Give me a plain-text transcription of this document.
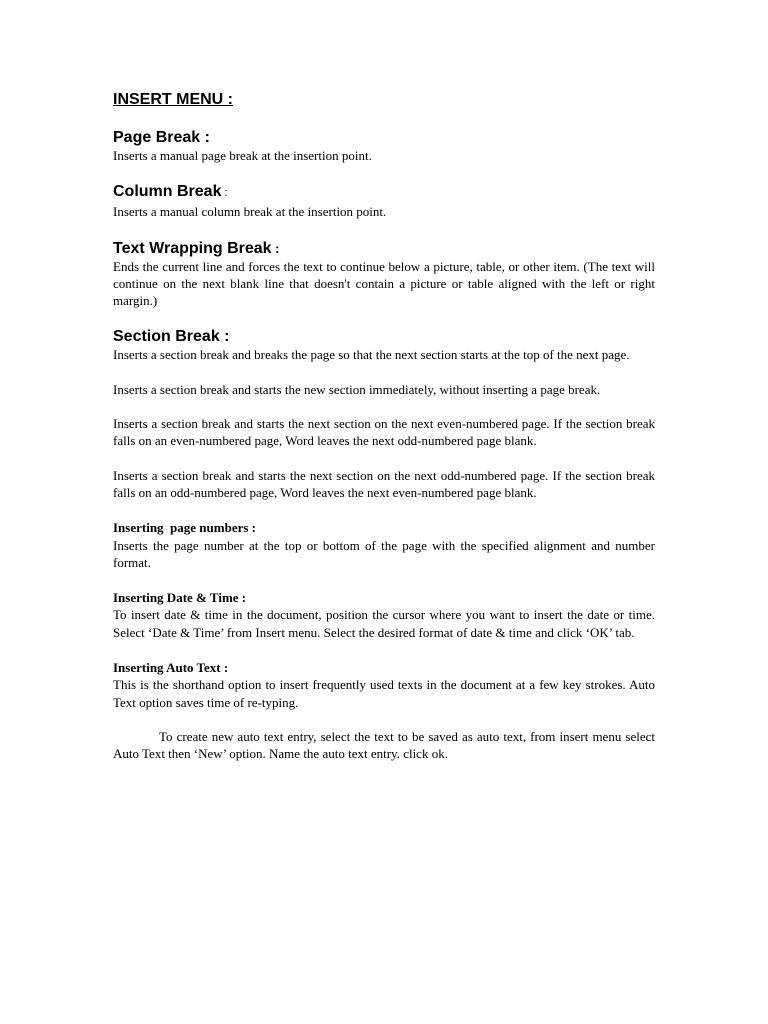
INSERT MENU :
Page Break :
Inserts a manual page break at the insertion point.
Column Break :
Inserts a manual column break at the insertion point.
Text Wrapping Break :
Ends the current line and forces the text to continue below a picture, table, or other item. (The text will continue on the next blank line that doesn't contain a picture or table aligned with the left or right margin.)
Section Break :
Inserts a section break and breaks the page so that the next section starts at the top of the next page.
Inserts a section break and starts the new section immediately, without inserting a page break.
Inserts a section break and starts the next section on the next even-numbered page. If the section break falls on an even-numbered page, Word leaves the next odd-numbered page blank.
Inserts a section break and starts the next section on the next odd-numbered page. If the section break falls on an odd-numbered page, Word leaves the next even-numbered page blank.
Inserting  page numbers :
Inserts the page number at the top or bottom of the page with the specified alignment and number format.
Inserting Date & Time :
To insert date & time in the document, position the cursor where you want to insert the date or time. Select ‘Date & Time’ from Insert menu. Select the desired format of date & time and click ‘OK’ tab.
Inserting Auto Text :
This is the shorthand option to insert frequently used texts in the document at a few key strokes. Auto Text option saves time of re-typing.
To create new auto text entry, select the text to be saved as auto text, from insert menu select Auto Text then ‘New’ option. Name the auto text entry. click ok.
